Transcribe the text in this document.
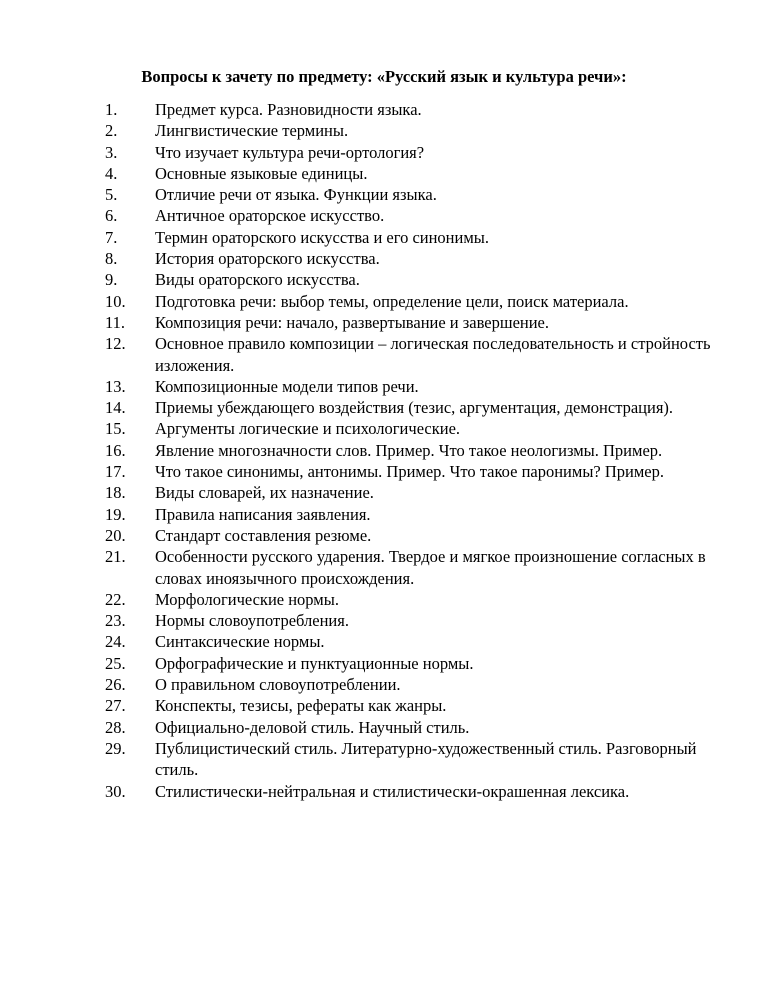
Вопросы к зачету по предмету: «Русский язык и культура речи»:
1.	Предмет курса. Разновидности языка.
2.	Лингвистические термины.
3.	Что изучает культура речи-ортология?
4.	Основные языковые единицы.
5.	Отличие речи от языка. Функции языка.
6.	Античное ораторское искусство.
7.	Термин ораторского искусства и его синонимы.
8.	История ораторского искусства.
9.	Виды ораторского искусства.
10.	Подготовка речи: выбор темы, определение цели, поиск материала.
11.	Композиция речи: начало, развертывание и завершение.
12.	Основное правило композиции – логическая последовательность и стройность изложения.
13.	Композиционные модели типов речи.
14.	Приемы убеждающего воздействия (тезис, аргументация, демонстрация).
15.	Аргументы логические и психологические.
16.	Явление многозначности слов. Пример. Что такое неологизмы. Пример.
17.	Что такое синонимы, антонимы. Пример. Что такое паронимы? Пример.
18.	Виды словарей, их назначение.
19.	Правила написания заявления.
20.	Стандарт составления резюме.
21.	Особенности русского ударения. Твердое и мягкое произношение согласных в словах иноязычного происхождения.
22.	Морфологические нормы.
23.	Нормы словоупотребления.
24.	Синтаксические нормы.
25.	Орфографические и пунктуационные нормы.
26.	О правильном словоупотреблении.
27.	Конспекты, тезисы, рефераты как жанры.
28.	Официально-деловой стиль. Научный стиль.
29.	Публицистический стиль. Литературно-художественный стиль. Разговорный стиль.
30.	Стилистически-нейтральная и стилистически-окрашенная лексика.
